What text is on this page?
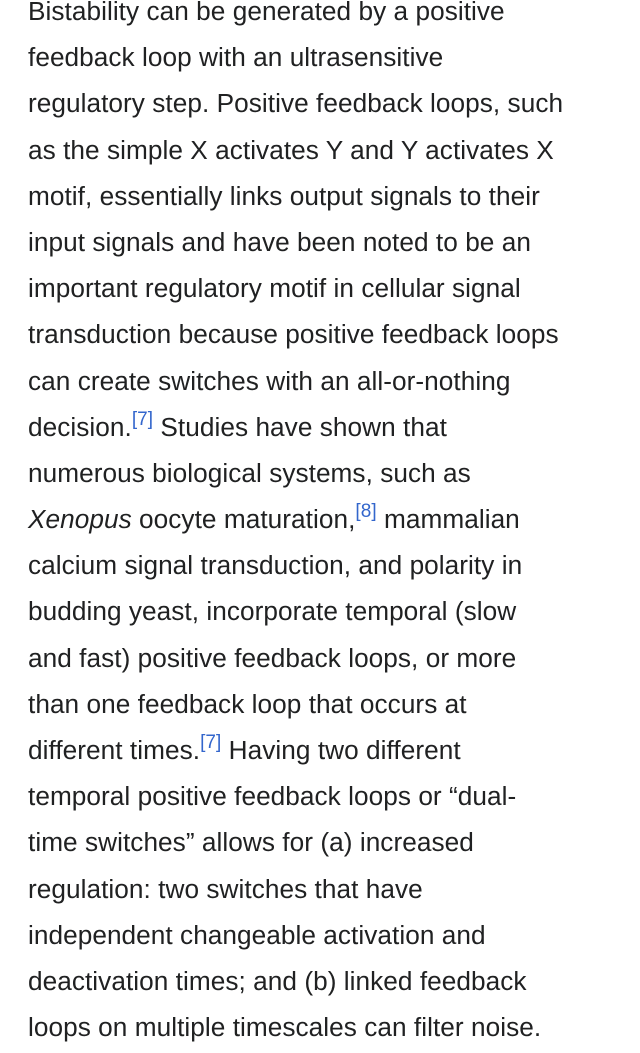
Bistability can be generated by a positive
feedback loop with an ultrasensitive
regulatory step. Positive feedback loops, such
as the simple X activates Y and Y activates X
motif, essentially links output signals to their
input signals and have been noted to be an
important regulatory motif in cellular signal
transduction because positive feedback loops
can create switches with an all-or-nothing
decision.[7] Studies have shown that
numerous biological systems, such as
Xenopus oocyte maturation,[8] mammalian
calcium signal transduction, and polarity in
budding yeast, incorporate temporal (slow
and fast) positive feedback loops, or more
than one feedback loop that occurs at
different times.[7] Having two different
temporal positive feedback loops or “dual-
time switches” allows for (a) increased
regulation: two switches that have
independent changeable activation and
deactivation times; and (b) linked feedback
loops on multiple timescales can filter noise.
